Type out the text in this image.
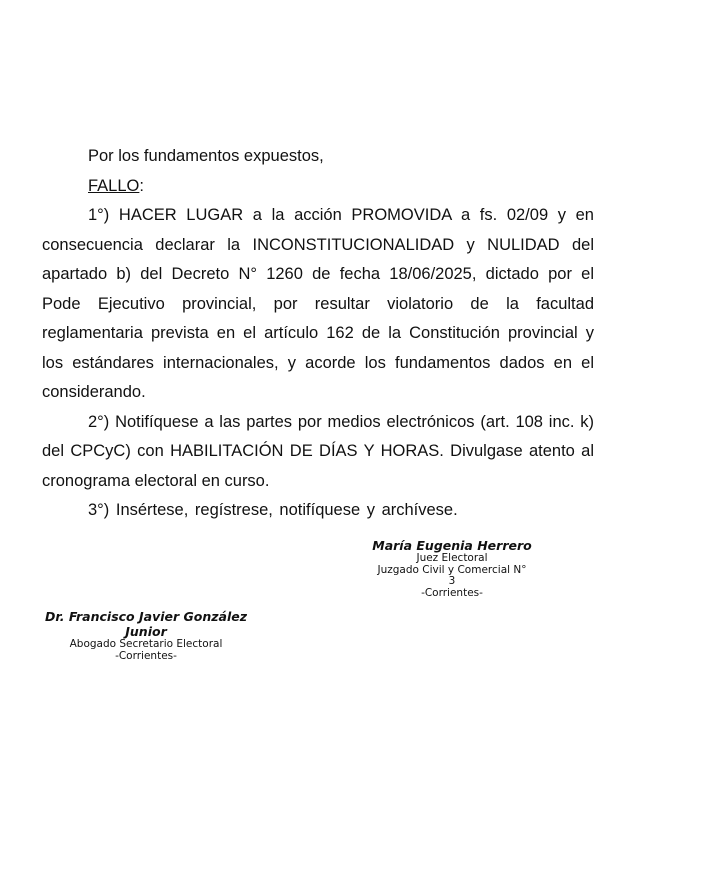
Por los fundamentos expuestos,
FALLO:
1°) HACER LUGAR a la acción PROMOVIDA a fs. 02/09 y en
consecuencia declarar la INCONSTITUCIONALIDAD y NULIDAD del
apartado b) del Decreto N° 1260 de fecha 18/06/2025, dictado por el
Pode Ejecutivo provincial, por resultar violatorio de la facultad
reglamentaria prevista en el artículo 162 de la Constitución provincial y
los estándares internacionales, y acorde los fundamentos dados en el
considerando.
2°) Notifíquese a las partes por medios electrónicos (art. 108 inc. k)
del CPCyC) con HABILITACIÓN DE DÍAS Y HORAS. Divulgase atento al
cronograma electoral en curso.
3°) Insértese, regístrese, notifíquese y archívese.
María Eugenia Herrero
Juez Electoral
Juzgado Civil y Comercial N°
3
-Corrientes-
Dr. Francisco Javier González
Junior
Abogado Secretario Electoral
-Corrientes-
